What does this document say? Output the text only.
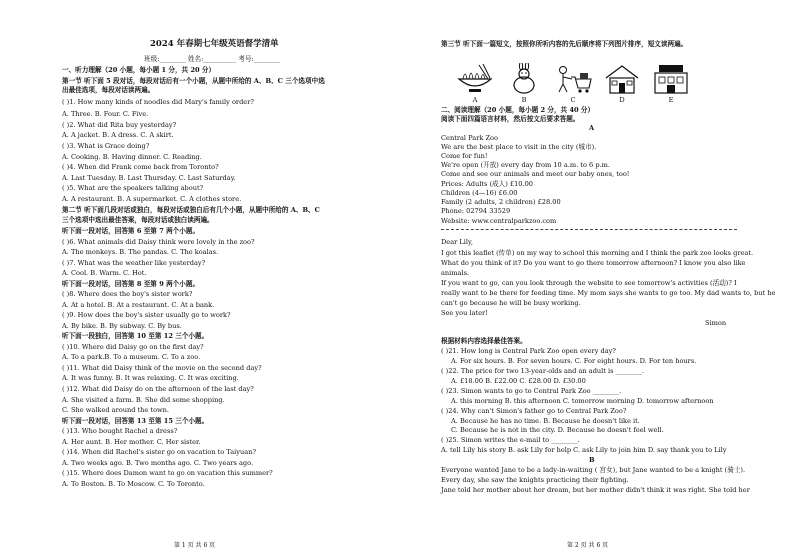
2024 年春期七年级英语督学清单
班级:________ 姓名:__________ 考号:________
一、听力理解（20 小题，每小题 1 分，共 20 分）
第一节 听下面 5 段对话，每段对话后有一个小题，从题中所给的 A、B、C 三个选项中选
出最佳选项，每段对话读两遍。
( )1. How many kinds of noodles did Mary's family order?
A. Three. B. Four. C. Five.
( )2. What did Rita buy yesterday?
A. A jacket. B. A dress. C. A skirt.
( )3. What is Grace doing?
A. Cooking. B. Having dinner. C. Reading.
( )4. When did Frank come back from Toronto?
A. Last Tuesday. B. Last Thursday. C. Last Saturday.
( )5. What are the speakers talking about?
A. A restaurant. B. A supermarket. C. A clothes store.
第二节 听下面几段对话或独白，每段对话或独白后有几个小题，从题中所给的 A、B、C
三个选项中选出最佳答案，每段对话或独白读两遍。
听下面一段对话，回答第 6 至第 7 两个小题。
( )6. What animals did Daisy think were lovely in the zoo?
A. The monkeys. B. The pandas. C. The koalas.
( )7. What was the weather like yesterday?
A. Cool. B. Warm. C. Hot.
听下面一段对话，回答第 8 至第 9 两个小题。
( )8. Where does the boy's sister work?
A. At a hotel. B. At a restaurant. C. At a bank.
( )9. How does the boy's sister usually go to work?
A. By bike. B. By subway. C. By bus.
听下面一段独白，回答第 10 至第 12 三个小题。
( )10. Where did Daisy go on the first day?
A. To a park.B. To a museum. C. To a zoo.
( )11. What did Daisy think of the movie on the second day?
A. It was funny. B. It was relaxing. C. It was exciting.
( )12. What did Daisy do on the afternoon of the last day?
A. She visited a farm. B. She did some shopping.
C. She walked around the town.
听下面一段对话，回答第 13 至第 15 三个小题。
( )13. Who bought Rachel a dress?
A. Her aunt. B. Her mother. C. Her sister.
( )14. When did Rachel's sister go on vacation to Taiyuan?
A. Two weeks ago. B. Two months ago. C. Two years ago.
( )15. Where does Damon want to go on vacation this summer?
A. To Boston. B. To Moscow. C. To Toronto.
第 1 页 共 6 页
第三节 听下面一篇短文，按照你所听内容的先后顺序将下列图片排序，短文读两遍。
A	B	C	D	E
二、阅读理解（20 小题，每小题 2 分，共 40 分）
阅读下面四篇语言材料，然后按文后要求答题。
A
Central Park Zoo
We are the best place to visit in the city (城市).
Come for fun!
We're open (开放) every day from 10 a.m. to 6 p.m.
Come and see our animals and meet our baby ones, too!
Prices: Adults (成人) £10.00
Children (4—16) £6.00
Family (2 adults, 2 children) £28.00
Phone: 02794 33529
Website: www.centralparkzoo.com
Dear Lily,
I got this leaflet (传单) on my way to school this morning and I think the park zoo looks great.
What do you think of it? Do you want to go there tomorrow afternoon? I know you also like
animals.
If you want to go, can you look through the website to see tomorrow's activities (活动)? I
really want to be there for feeding time. My mom says she wants to go too. My dad wants to, but he
can't go because he will be busy working.
See you later!
Simon
根据材料内容选择最佳答案。
( )21. How long is Central Park Zoo open every day?
A. For six hours. B. For seven hours. C. For eight hours. D. For ten hours.
( )22. The price for two 13-year-olds and an adult is ________.
A. £18.00 B. £22.00 C. £28.00 D. £30.00
( )23. Simon wants to go to Central Park Zoo ________.
A. this morning B. this afternoon C. tomorrow morning D. tomorrow afternoon
( )24. Why can't Simon's father go to Central Park Zoo?
A. Because he has no time. B. Because he doesn't like it.
C. Because he is not in the city. D. Because he doesn't feel well.
( )25. Simon writes the e-mail to ________.
A. tell Lily his story B. ask Lily for help C. ask Lily to join him D. say thank you to Lily
B
Everyone wanted Jane to be a lady-in-waiting ( 宫女), but Jane wanted to be a knight (骑士).
Every day, she saw the knights practicing their fighting.
Jane told her mother about her dream, but her mother didn't think it was right. She told her
第 2 页 共 6 页
